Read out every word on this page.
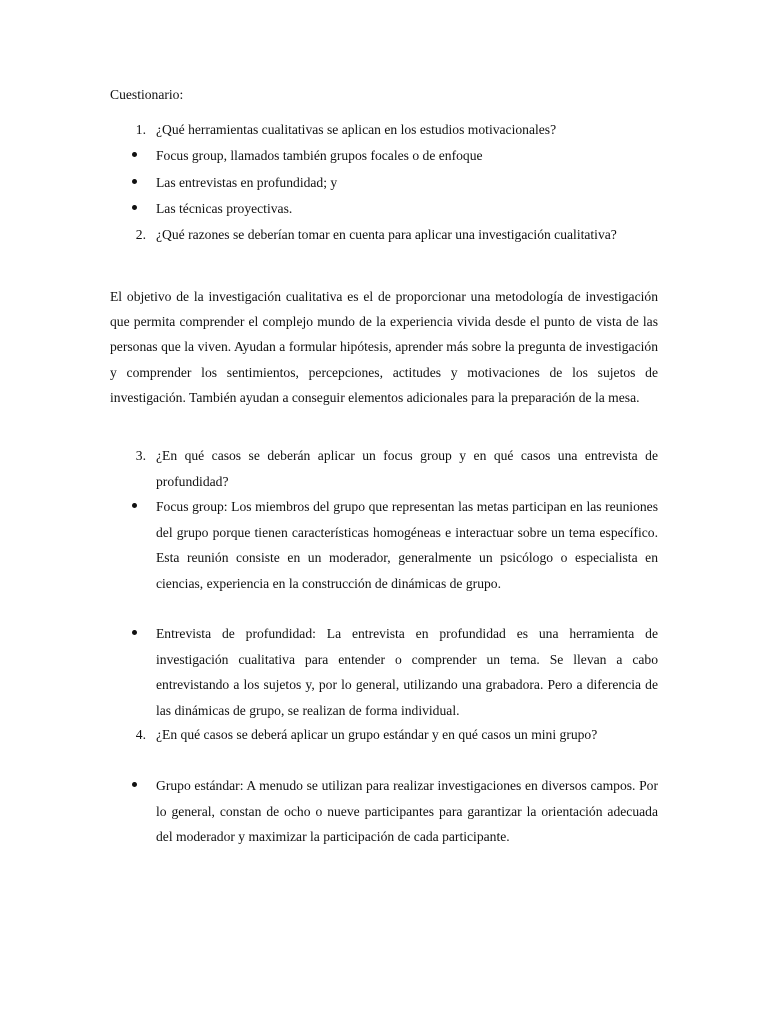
Cuestionario:
1. ¿Qué herramientas cualitativas se aplican en los estudios motivacionales?
Focus group, llamados también grupos focales o de enfoque
Las entrevistas en profundidad; y
Las técnicas proyectivas.
2. ¿Qué razones se deberían tomar en cuenta para aplicar una investigación cualitativa?

El objetivo de la investigación cualitativa es el de proporcionar una metodología de investigación que permita comprender el complejo mundo de la experiencia vivida desde el punto de vista de las personas que la viven. Ayudan a formular hipótesis, aprender más sobre la pregunta de investigación y comprender los sentimientos, percepciones, actitudes y motivaciones de los sujetos de investigación. También ayudan a conseguir elementos adicionales para la preparación de la mesa.

3. ¿En qué casos se deberán aplicar un focus group y en qué casos una entrevista de profundidad?
Focus group: Los miembros del grupo que representan las metas participan en las reuniones del grupo porque tienen características homogéneas e interactuar sobre un tema específico. Esta reunión consiste en un moderador, generalmente un psicólogo o especialista en ciencias, experiencia en la construcción de dinámicas de grupo.
Entrevista de profundidad: La entrevista en profundidad es una herramienta de investigación cualitativa para entender o comprender un tema. Se llevan a cabo entrevistando a los sujetos y, por lo general, utilizando una grabadora. Pero a diferencia de las dinámicas de grupo, se realizan de forma individual.
4. ¿En qué casos se deberá aplicar un grupo estándar y en qué casos un mini grupo?
Grupo estándar: A menudo se utilizan para realizar investigaciones en diversos campos. Por lo general, constan de ocho o nueve participantes para garantizar la orientación adecuada del moderador y maximizar la participación de cada participante.
